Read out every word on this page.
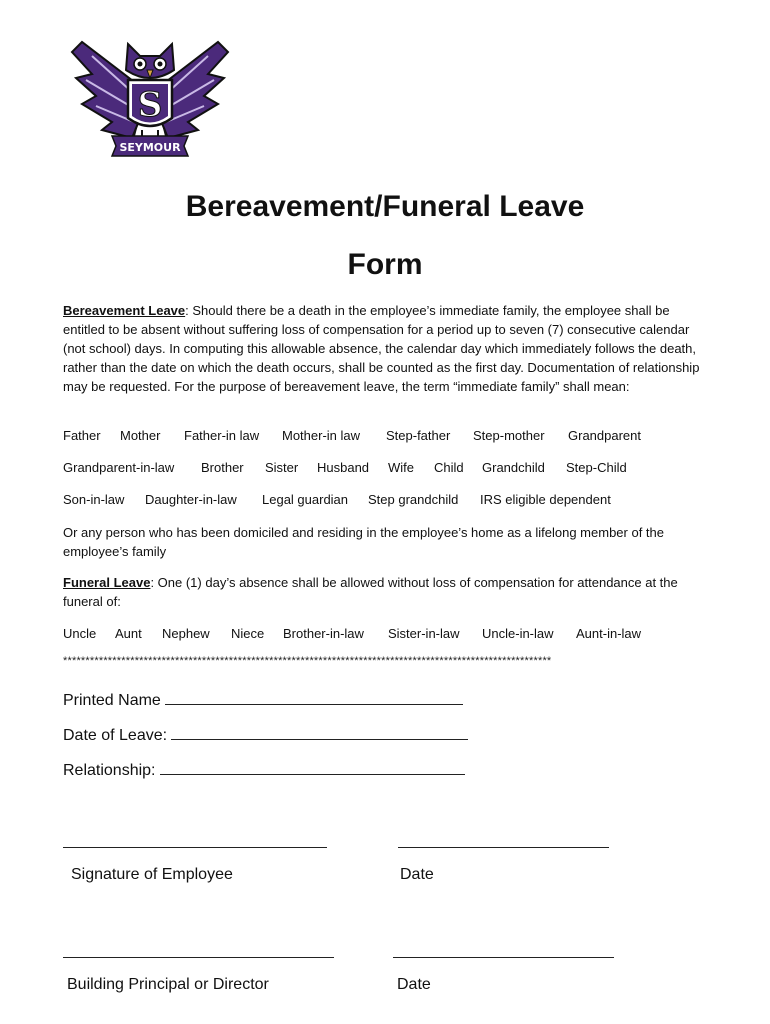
S
SEYMOUR
Bereavement/Funeral Leave
Form
Bereavement Leave: Should there be a death in the employee’s immediate family, the employee shall be entitled to be absent without suffering loss of compensation for a period up to seven (7) consecutive calendar (not school) days. In computing this allowable absence, the calendar day which immediately follows the death, rather than the date on which the death occurs, shall be counted as the first day. Documentation of relationship may be requested. For the purpose of bereavement leave, the term “immediate family” shall mean:
Father Mother Father-in law Mother-in law Step-father Step-mother Grandparent
Grandparent-in-law Brother Sister Husband Wife Child Grandchild Step-Child
Son-in-law Daughter-in-law Legal guardian Step grandchild IRS eligible dependent
Or any person who has been domiciled and residing in the employee’s home as a lifelong member of the employee’s family
Funeral Leave: One (1) day’s absence shall be allowed without loss of compensation for attendance at the funeral of:
Uncle Aunt Nephew Niece Brother-in-law Sister-in-law Uncle-in-law Aunt-in-law
*************************************************************************************************************
Printed Name
Date of Leave:
Relationship:
Signature of Employee	Date
Building Principal or Director	Date
